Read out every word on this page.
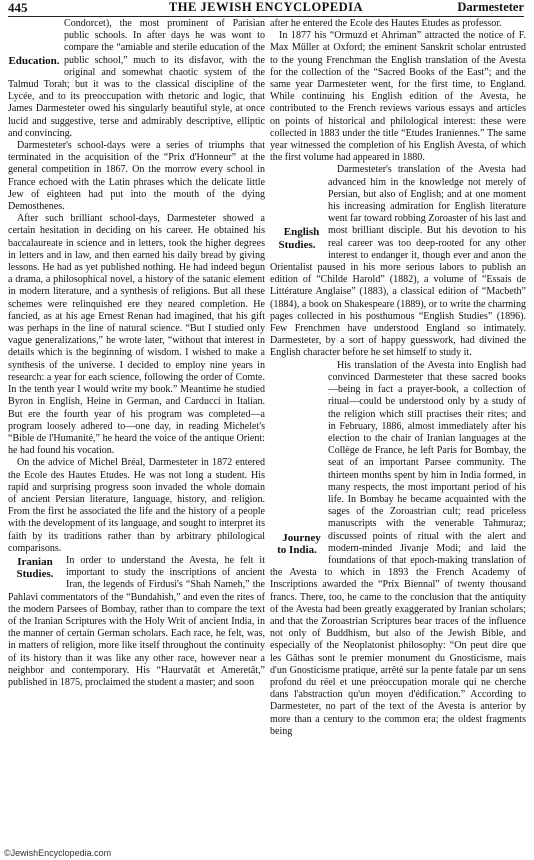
445	THE JEWISH ENCYCLOPEDIA	Darmesteter

Education.
Condorcet), the most prominent of Parisian public schools. In after days he was wont to compare the “amiable and sterile education of the public school,” much to its disfavor, with the original and somewhat chaotic system of the Talmud Torah; but it was to the classical discipline of the Lycée, and to its preoccupation with rhetoric and logic, that James Darmesteter owed his singularly beautiful style, at once lucid and suggestive, terse and admirably descriptive, elliptic and convincing.

Darmesteter's school-days were a series of triumphs that terminated in the acquisition of the “Prix d'Honneur” at the general competition in 1867. On the morrow every school in France echoed with the Latin phrases which the delicate little Jew of eighteen had put into the mouth of the dying Demosthenes.

After such brilliant school-days, Darmesteter showed a certain hesitation in deciding on his career. He obtained his baccalaureate in science and in letters, took the higher degrees in letters and in law, and then earned his daily bread by giving lessons. He had as yet published nothing. He had indeed begun a drama, a philosophical novel, a history of the satanic element in modern literature, and a synthesis of religions. But all these schemes were relinquished ere they neared completion. He fancied, as at his age Ernest Renan had imagined, that his gift was perhaps in the line of natural science. “But I studied only vague generalizations,” he wrote later, “without that interest in details which is the beginning of wisdom. I wished to make a synthesis of the universe. I decided to employ nine years in research: a year for each science, following the order of Comte. In the tenth year I would write my book.” Meantime he studied Byron in English, Heine in German, and Carducci in Italian. But ere the fourth year of his program was completed—a program loosely adhered to—one day, in reading Michelet's “Bible de l'Humanité,” he heard the voice of the antique Orient: he had found his vocation.

On the advice of Michel Bréal, Darmesteter in 1872 entered the Ecole des Hautes Etudes. He was not long a student. His rapid and surprising progress soon invaded the whole domain of ancient Persian literature, language, history, and religion. From the first he associated the life and the history of a people with the development of its language, and sought to interpret its faith by its traditions rather than by arbitrary philological comparisons.

Iranian Studies.
In order to understand the Avesta, he felt it important to study the inscriptions of ancient Iran, the legends of Firdusi's “Shah Nameh,” the Pahlavi commentators of the “Bundahish,” and even the rites of the modern Parsees of Bombay, rather than to compare the text of the Iranian Scriptures with the Holy Writ of ancient India, in the manner of certain German scholars. Each race, he felt, was, in matters of religion, more like itself throughout the continuity of its history than it was like any other race, however near a neighbor and contemporary. His “Haurvatât et Ameretât,” published in 1875, proclaimed the student a master; and soon

after he entered the Ecole des Hautes Etudes as professor.

In 1877 his “Ormuzd et Ahriman” attracted the notice of F. Max Müller at Oxford; the eminent Sanskrit scholar entrusted to the young Frenchman the English translation of the Avesta for the collection of the “Sacred Books of the East”; and the same year Darmesteter went, for the first time, to England. While continuing his English edition of the Avesta, he contributed to the French reviews various essays and articles on points of historical and philological interest: these were collected in 1883 under the title “Etudes Iraniennes.” The same year witnessed the completion of his English Avesta, of which the first volume had appeared in 1880.

English Studies.
Darmesteter's translation of the Avesta had advanced him in the knowledge not merely of Persian, but also of English; and at one moment his increasing admiration for English literature went far toward robbing Zoroaster of his last and most brilliant disciple. But his devotion to his real career was too deep-rooted for any other interest to endanger it, though ever and anon the Orientalist paused in his more serious labors to publish an edition of “Childe Harold” (1882), a volume of “Essais de Littérature Anglaise” (1883), a classical edition of “Macbeth” (1884), a book on Shakespeare (1889), or to write the charming pages collected in his posthumous “English Studies” (1896). Few Frenchmen have understood England so intimately. Darmesteter, by a sort of happy guesswork, had divined the English character before he set himself to study it.

Journey to India.
His translation of the Avesta into English had convinced Darmesteter that these sacred books—being in fact a prayer-book, a collection of ritual—could be understood only by a study of the religion which still practises their rites; and in February, 1886, almost immediately after his election to the chair of Iranian languages at the Collège de France, he left Paris for Bombay, the seat of an important Parsee community. The thirteen months spent by him in India formed, in many respects, the most important period of his life. In Bombay he became acquainted with the sages of the Zoroastrian cult; read priceless manuscripts with the venerable Tahmuraz; discussed points of ritual with the alert and modern-minded Jivanje Modi; and laid the foundations of that epoch-making translation of the Avesta to which in 1893 the French Academy of Inscriptions awarded the “Prix Biennal” of twenty thousand francs. There, too, he came to the conclusion that the antiquity of the Avesta had been greatly exaggerated by Iranian scholars; and that the Zoroastrian Scriptures bear traces of the influence not only of Buddhism, but also of the Jewish Bible, and especially of the Neoplatonist philosophy: “On peut dire que les Gâthas sont le premier monument du Gnosticisme, mais d'un Gnosticisme pratique, arrêté sur la pente fatale par un sens profond du réel et une préoccupation morale qui ne cherche dans l'abstraction qu'un moyen d'édification.” According to Darmesteter, no part of the text of the Avesta is anterior by more than a century to the common era; the oldest fragments being

©JewishEncyclopedia.com
